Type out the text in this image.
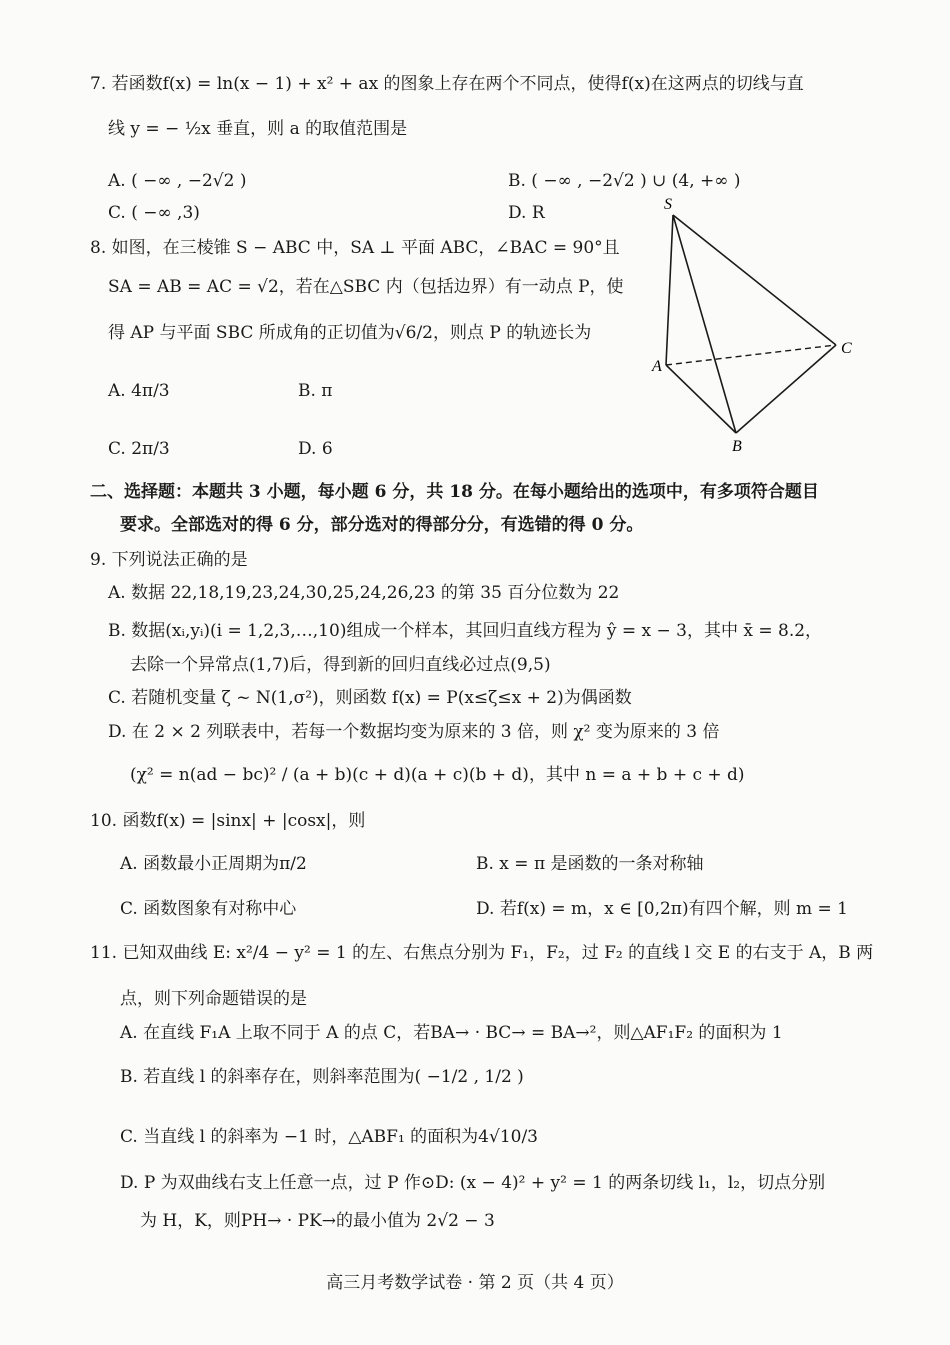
7. 若函数f(x) = ln(x − 1) + x² + ax 的图象上存在两个不同点，使得f(x)在这两点的切线与直
线 y = − ½x 垂直，则 a 的取值范围是
A. ( −∞ , −2√2 )	B. ( −∞ , −2√2 ) ∪ (4, +∞ )
C. ( −∞ ,3)	D. R
8. 如图，在三棱锥 S − ABC 中，SA ⊥ 平面 ABC，∠BAC = 90°且
SA = AB = AC = √2，若在△SBC 内（包括边界）有一动点 P，使
得 AP 与平面 SBC 所成角的正切值为√6/2，则点 P 的轨迹长为
A. 4π/3	B. π
C. 2π/3	D. 6
S
A
B
C
二、选择题：本题共 3 小题，每小题 6 分，共 18 分。在每小题给出的选项中，有多项符合题目
要求。全部选对的得 6 分，部分选对的得部分分，有选错的得 0 分。
9. 下列说法正确的是
A. 数据 22,18,19,23,24,30,25,24,26,23 的第 35 百分位数为 22
B. 数据(xᵢ,yᵢ)(i = 1,2,3,…,10)组成一个样本，其回归直线方程为 ŷ = x − 3，其中 x̄ = 8.2，
去除一个异常点(1,7)后，得到新的回归直线必过点(9,5)
C. 若随机变量 ζ ~ N(1,σ²)，则函数 f(x) = P(x≤ζ≤x + 2)为偶函数
D. 在 2 × 2 列联表中，若每一个数据均变为原来的 3 倍，则 χ² 变为原来的 3 倍
(χ² = n(ad − bc)² / (a + b)(c + d)(a + c)(b + d)，其中 n = a + b + c + d)
10. 函数f(x) = |sinx| + |cosx|，则
A. 函数最小正周期为π/2	B. x = π 是函数的一条对称轴
C. 函数图象有对称中心	D. 若f(x) = m，x ∈ [0,2π)有四个解，则 m = 1
11. 已知双曲线 E: x²/4 − y² = 1 的左、右焦点分别为 F₁，F₂，过 F₂ 的直线 l 交 E 的右支于 A，B 两
点，则下列命题错误的是
A. 在直线 F₁A 上取不同于 A 的点 C，若BA→ · BC→ = BA→²，则△AF₁F₂ 的面积为 1
B. 若直线 l 的斜率存在，则斜率范围为( −1/2 , 1/2 )
C. 当直线 l 的斜率为 −1 时，△ABF₁ 的面积为4√10/3
D. P 为双曲线右支上任意一点，过 P 作⊙D: (x − 4)² + y² = 1 的两条切线 l₁，l₂，切点分别
为 H，K，则PH→ · PK→的最小值为 2√2 − 3
高三月考数学试卷 · 第 2 页（共 4 页）
